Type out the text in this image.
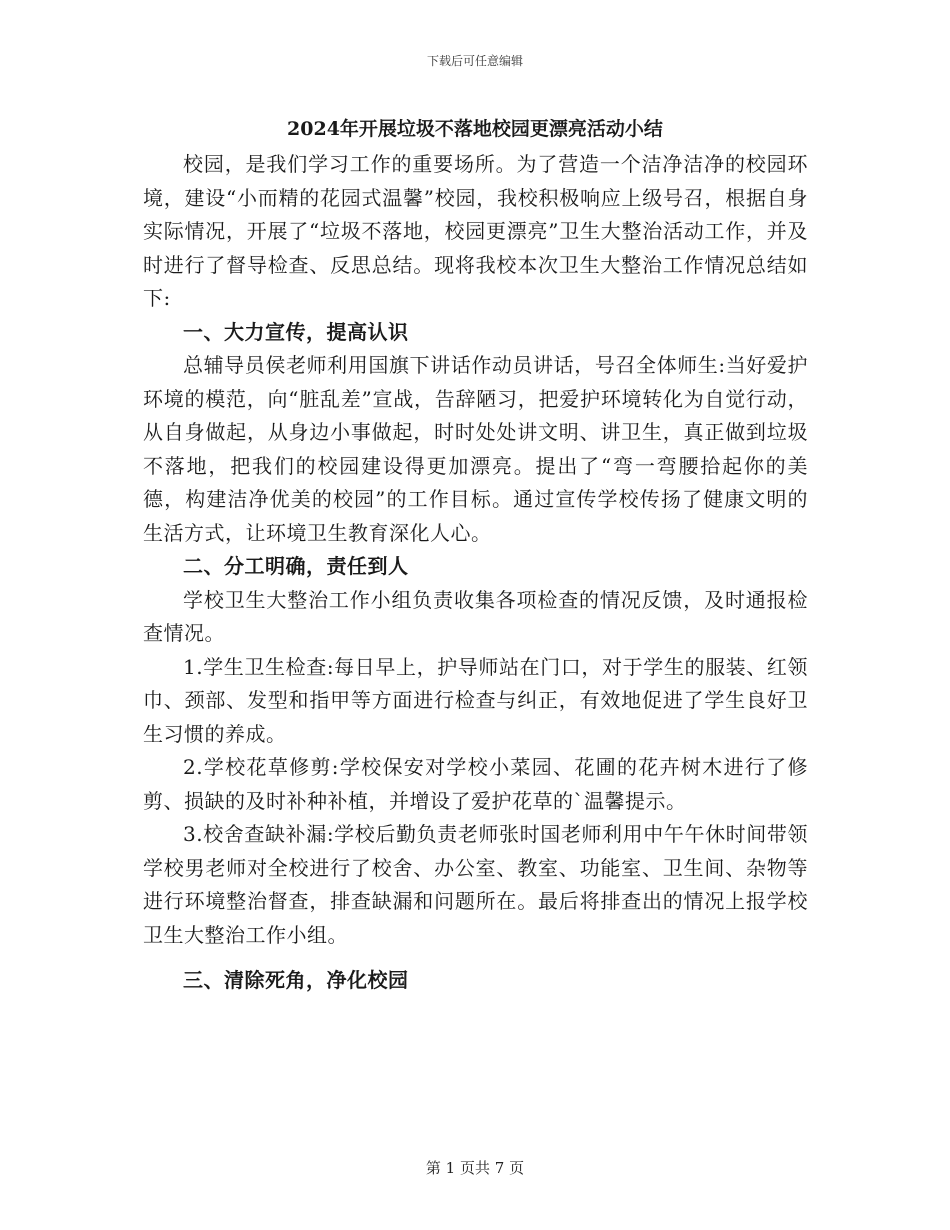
下载后可任意编辑
2024年开展垃圾不落地校园更漂亮活动小结

校园，是我们学习工作的重要场所。为了营造一个洁净洁净的校园环境，建设“小而精的花园式温馨”校园，我校积极响应上级号召，根据自身实际情况，开展了“垃圾不落地，校园更漂亮”卫生大整治活动工作，并及时进行了督导检查、反思总结。现将我校本次卫生大整治工作情况总结如下:

一、大力宣传，提高认识

总辅导员侯老师利用国旗下讲话作动员讲话，号召全体师生:当好爱护环境的模范，向“脏乱差”宣战，告辞陋习，把爱护环境转化为自觉行动，从自身做起，从身边小事做起，时时处处讲文明、讲卫生，真正做到垃圾不落地，把我们的校园建设得更加漂亮。提出了“弯一弯腰拾起你的美德，构建洁净优美的校园”的工作目标。通过宣传学校传扬了健康文明的生活方式，让环境卫生教育深化人心。

二、分工明确，责任到人

学校卫生大整治工作小组负责收集各项检查的情况反馈，及时通报检查情况。

1.学生卫生检查:每日早上，护导师站在门口，对于学生的服装、红领巾、颈部、发型和指甲等方面进行检查与纠正，有效地促进了学生良好卫生习惯的养成。

2.学校花草修剪:学校保安对学校小菜园、花圃的花卉树木进行了修剪、损缺的及时补种补植，并增设了爱护花草的`温馨提示。

3.校舍查缺补漏:学校后勤负责老师张时国老师利用中午午休时间带领学校男老师对全校进行了校舍、办公室、教室、功能室、卫生间、杂物等进行环境整治督查，排查缺漏和问题所在。最后将排查出的情况上报学校卫生大整治工作小组。

三、清除死角，净化校园
第 1 页共 7 页
